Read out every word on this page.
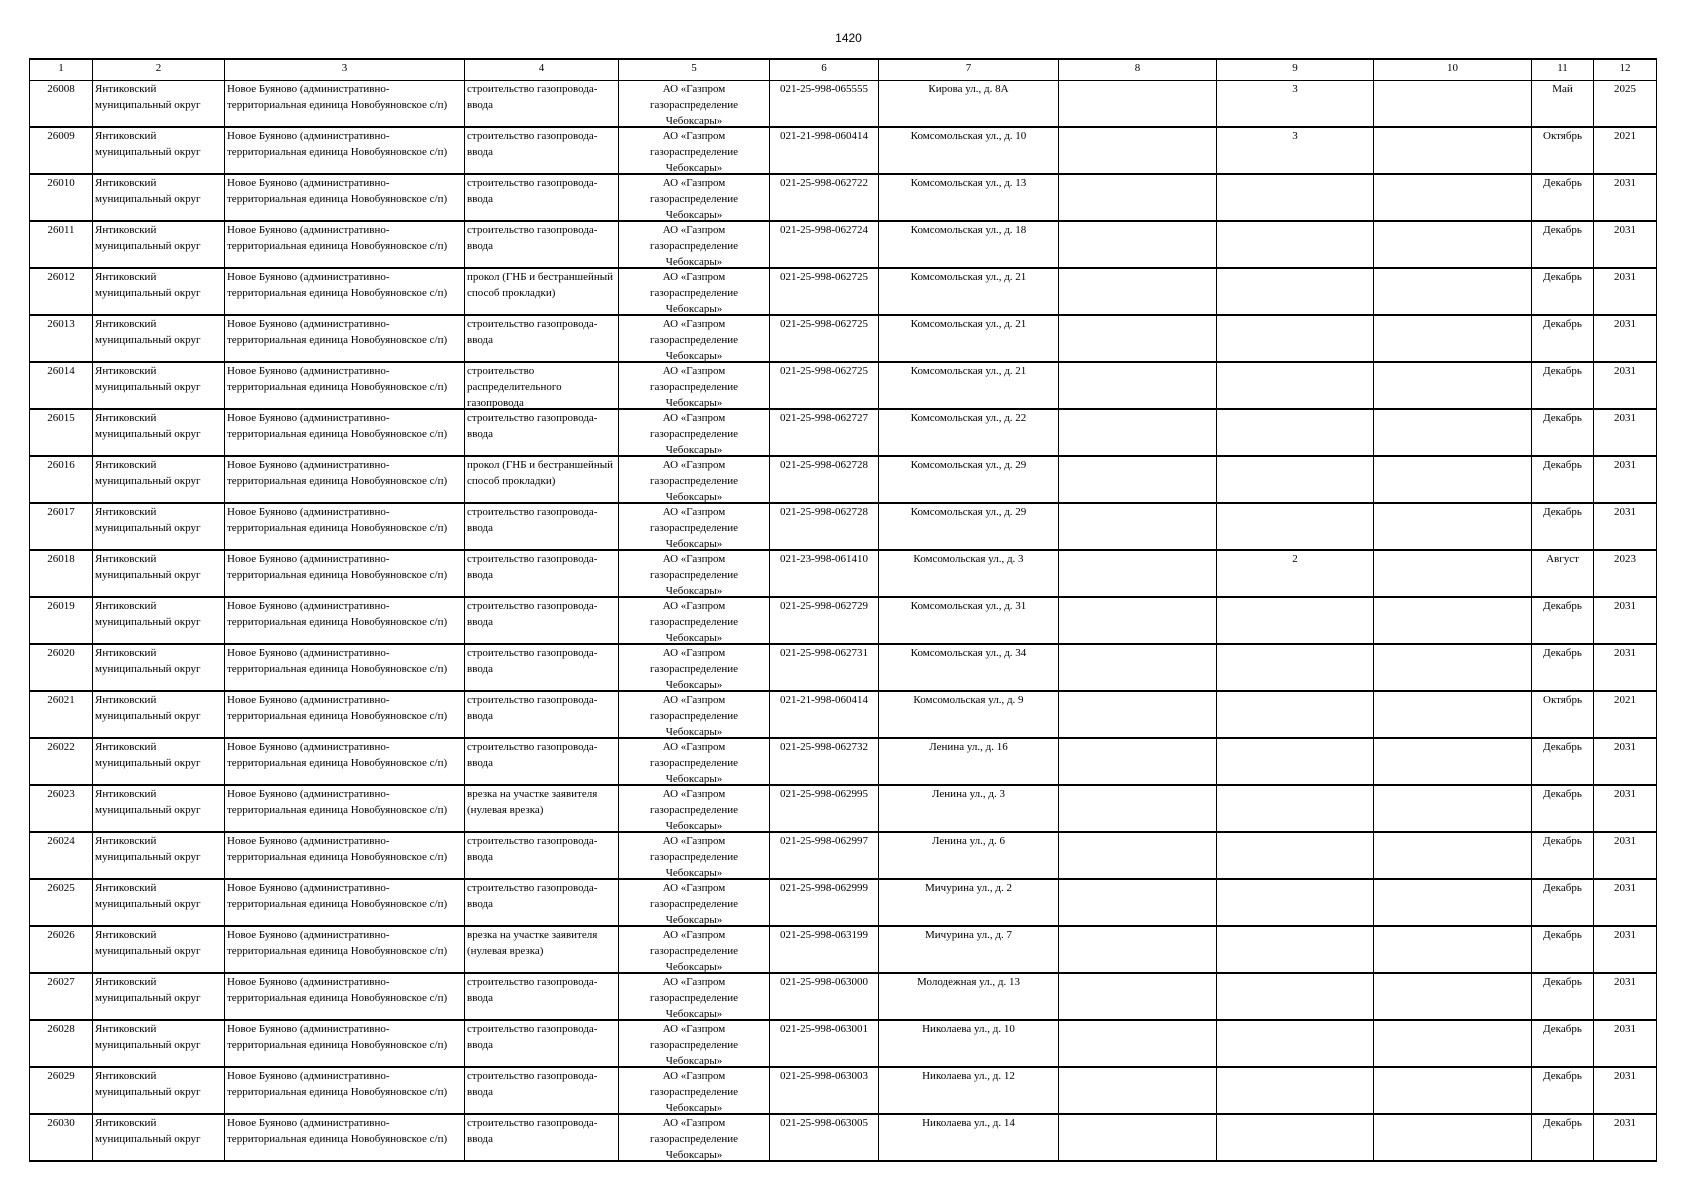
1420
1	2	3	4	5	6	7	8	9	10	11	12

26008	Янтиковский муниципальный округ	Новое Буяново (административно-территориальная единица Новобуяновское с/п)	строительство газопровода-ввода	АО «Газпром газораспределение Чебоксары»	021-25-998-065555	Кирова ул., д. 8А		3		Май	2025

26009	Янтиковский муниципальный округ	Новое Буяново (административно-территориальная единица Новобуяновское с/п)	строительство газопровода-ввода	АО «Газпром газораспределение Чебоксары»	021-21-998-060414	Комсомольская ул., д. 10		3		Октябрь	2021

26010	Янтиковский муниципальный округ	Новое Буяново (административно-территориальная единица Новобуяновское с/п)	строительство газопровода-ввода	АО «Газпром газораспределение Чебоксары»	021-25-998-062722	Комсомольская ул., д. 13				Декабрь	2031

26011	Янтиковский муниципальный округ	Новое Буяново (административно-территориальная единица Новобуяновское с/п)	строительство газопровода-ввода	АО «Газпром газораспределение Чебоксары»	021-25-998-062724	Комсомольская ул., д. 18				Декабрь	2031

26012	Янтиковский муниципальный округ	Новое Буяново (административно-территориальная единица Новобуяновское с/п)	прокол (ГНБ и бестраншейный способ прокладки)	АО «Газпром газораспределение Чебоксары»	021-25-998-062725	Комсомольская ул., д. 21				Декабрь	2031

26013	Янтиковский муниципальный округ	Новое Буяново (административно-территориальная единица Новобуяновское с/п)	строительство газопровода-ввода	АО «Газпром газораспределение Чебоксары»	021-25-998-062725	Комсомольская ул., д. 21				Декабрь	2031

26014	Янтиковский муниципальный округ	Новое Буяново (административно-территориальная единица Новобуяновское с/п)	строительство распределительного газопровода	АО «Газпром газораспределение Чебоксары»	021-25-998-062725	Комсомольская ул., д. 21				Декабрь	2031

26015	Янтиковский муниципальный округ	Новое Буяново (административно-территориальная единица Новобуяновское с/п)	строительство газопровода-ввода	АО «Газпром газораспределение Чебоксары»	021-25-998-062727	Комсомольская ул., д. 22				Декабрь	2031

26016	Янтиковский муниципальный округ	Новое Буяново (административно-территориальная единица Новобуяновское с/п)	прокол (ГНБ и бестраншейный способ прокладки)	АО «Газпром газораспределение Чебоксары»	021-25-998-062728	Комсомольская ул., д. 29				Декабрь	2031

26017	Янтиковский муниципальный округ	Новое Буяново (административно-территориальная единица Новобуяновское с/п)	строительство газопровода-ввода	АО «Газпром газораспределение Чебоксары»	021-25-998-062728	Комсомольская ул., д. 29				Декабрь	2031

26018	Янтиковский муниципальный округ	Новое Буяново (административно-территориальная единица Новобуяновское с/п)	строительство газопровода-ввода	АО «Газпром газораспределение Чебоксары»	021-23-998-061410	Комсомольская ул., д. 3		2		Август	2023

26019	Янтиковский муниципальный округ	Новое Буяново (административно-территориальная единица Новобуяновское с/п)	строительство газопровода-ввода	АО «Газпром газораспределение Чебоксары»	021-25-998-062729	Комсомольская ул., д. 31				Декабрь	2031

26020	Янтиковский муниципальный округ	Новое Буяново (административно-территориальная единица Новобуяновское с/п)	строительство газопровода-ввода	АО «Газпром газораспределение Чебоксары»	021-25-998-062731	Комсомольская ул., д. 34				Декабрь	2031

26021	Янтиковский муниципальный округ	Новое Буяново (административно-территориальная единица Новобуяновское с/п)	строительство газопровода-ввода	АО «Газпром газораспределение Чебоксары»	021-21-998-060414	Комсомольская ул., д. 9				Октябрь	2021

26022	Янтиковский муниципальный округ	Новое Буяново (административно-территориальная единица Новобуяновское с/п)	строительство газопровода-ввода	АО «Газпром газораспределение Чебоксары»	021-25-998-062732	Ленина ул., д. 16				Декабрь	2031

26023	Янтиковский муниципальный округ	Новое Буяново (административно-территориальная единица Новобуяновское с/п)	врезка на участке заявителя (нулевая врезка)	АО «Газпром газораспределение Чебоксары»	021-25-998-062995	Ленина ул., д. 3				Декабрь	2031

26024	Янтиковский муниципальный округ	Новое Буяново (административно-территориальная единица Новобуяновское с/п)	строительство газопровода-ввода	АО «Газпром газораспределение Чебоксары»	021-25-998-062997	Ленина ул., д. 6				Декабрь	2031

26025	Янтиковский муниципальный округ	Новое Буяново (административно-территориальная единица Новобуяновское с/п)	строительство газопровода-ввода	АО «Газпром газораспределение Чебоксары»	021-25-998-062999	Мичурина ул., д. 2				Декабрь	2031

26026	Янтиковский муниципальный округ	Новое Буяново (административно-территориальная единица Новобуяновское с/п)	врезка на участке заявителя (нулевая врезка)	АО «Газпром газораспределение Чебоксары»	021-25-998-063199	Мичурина ул., д. 7				Декабрь	2031

26027	Янтиковский муниципальный округ	Новое Буяново (административно-территориальная единица Новобуяновское с/п)	строительство газопровода-ввода	АО «Газпром газораспределение Чебоксары»	021-25-998-063000	Молодежная ул., д. 13				Декабрь	2031

26028	Янтиковский муниципальный округ	Новое Буяново (административно-территориальная единица Новобуяновское с/п)	строительство газопровода-ввода	АО «Газпром газораспределение Чебоксары»	021-25-998-063001	Николаева ул., д. 10				Декабрь	2031

26029	Янтиковский муниципальный округ	Новое Буяново (административно-территориальная единица Новобуяновское с/п)	строительство газопровода-ввода	АО «Газпром газораспределение Чебоксары»	021-25-998-063003	Николаева ул., д. 12				Декабрь	2031

26030	Янтиковский муниципальный округ	Новое Буяново (административно-территориальная единица Новобуяновское с/п)	строительство газопровода-ввода	АО «Газпром газораспределение Чебоксары»	021-25-998-063005	Николаева ул., д. 14				Декабрь	2031
